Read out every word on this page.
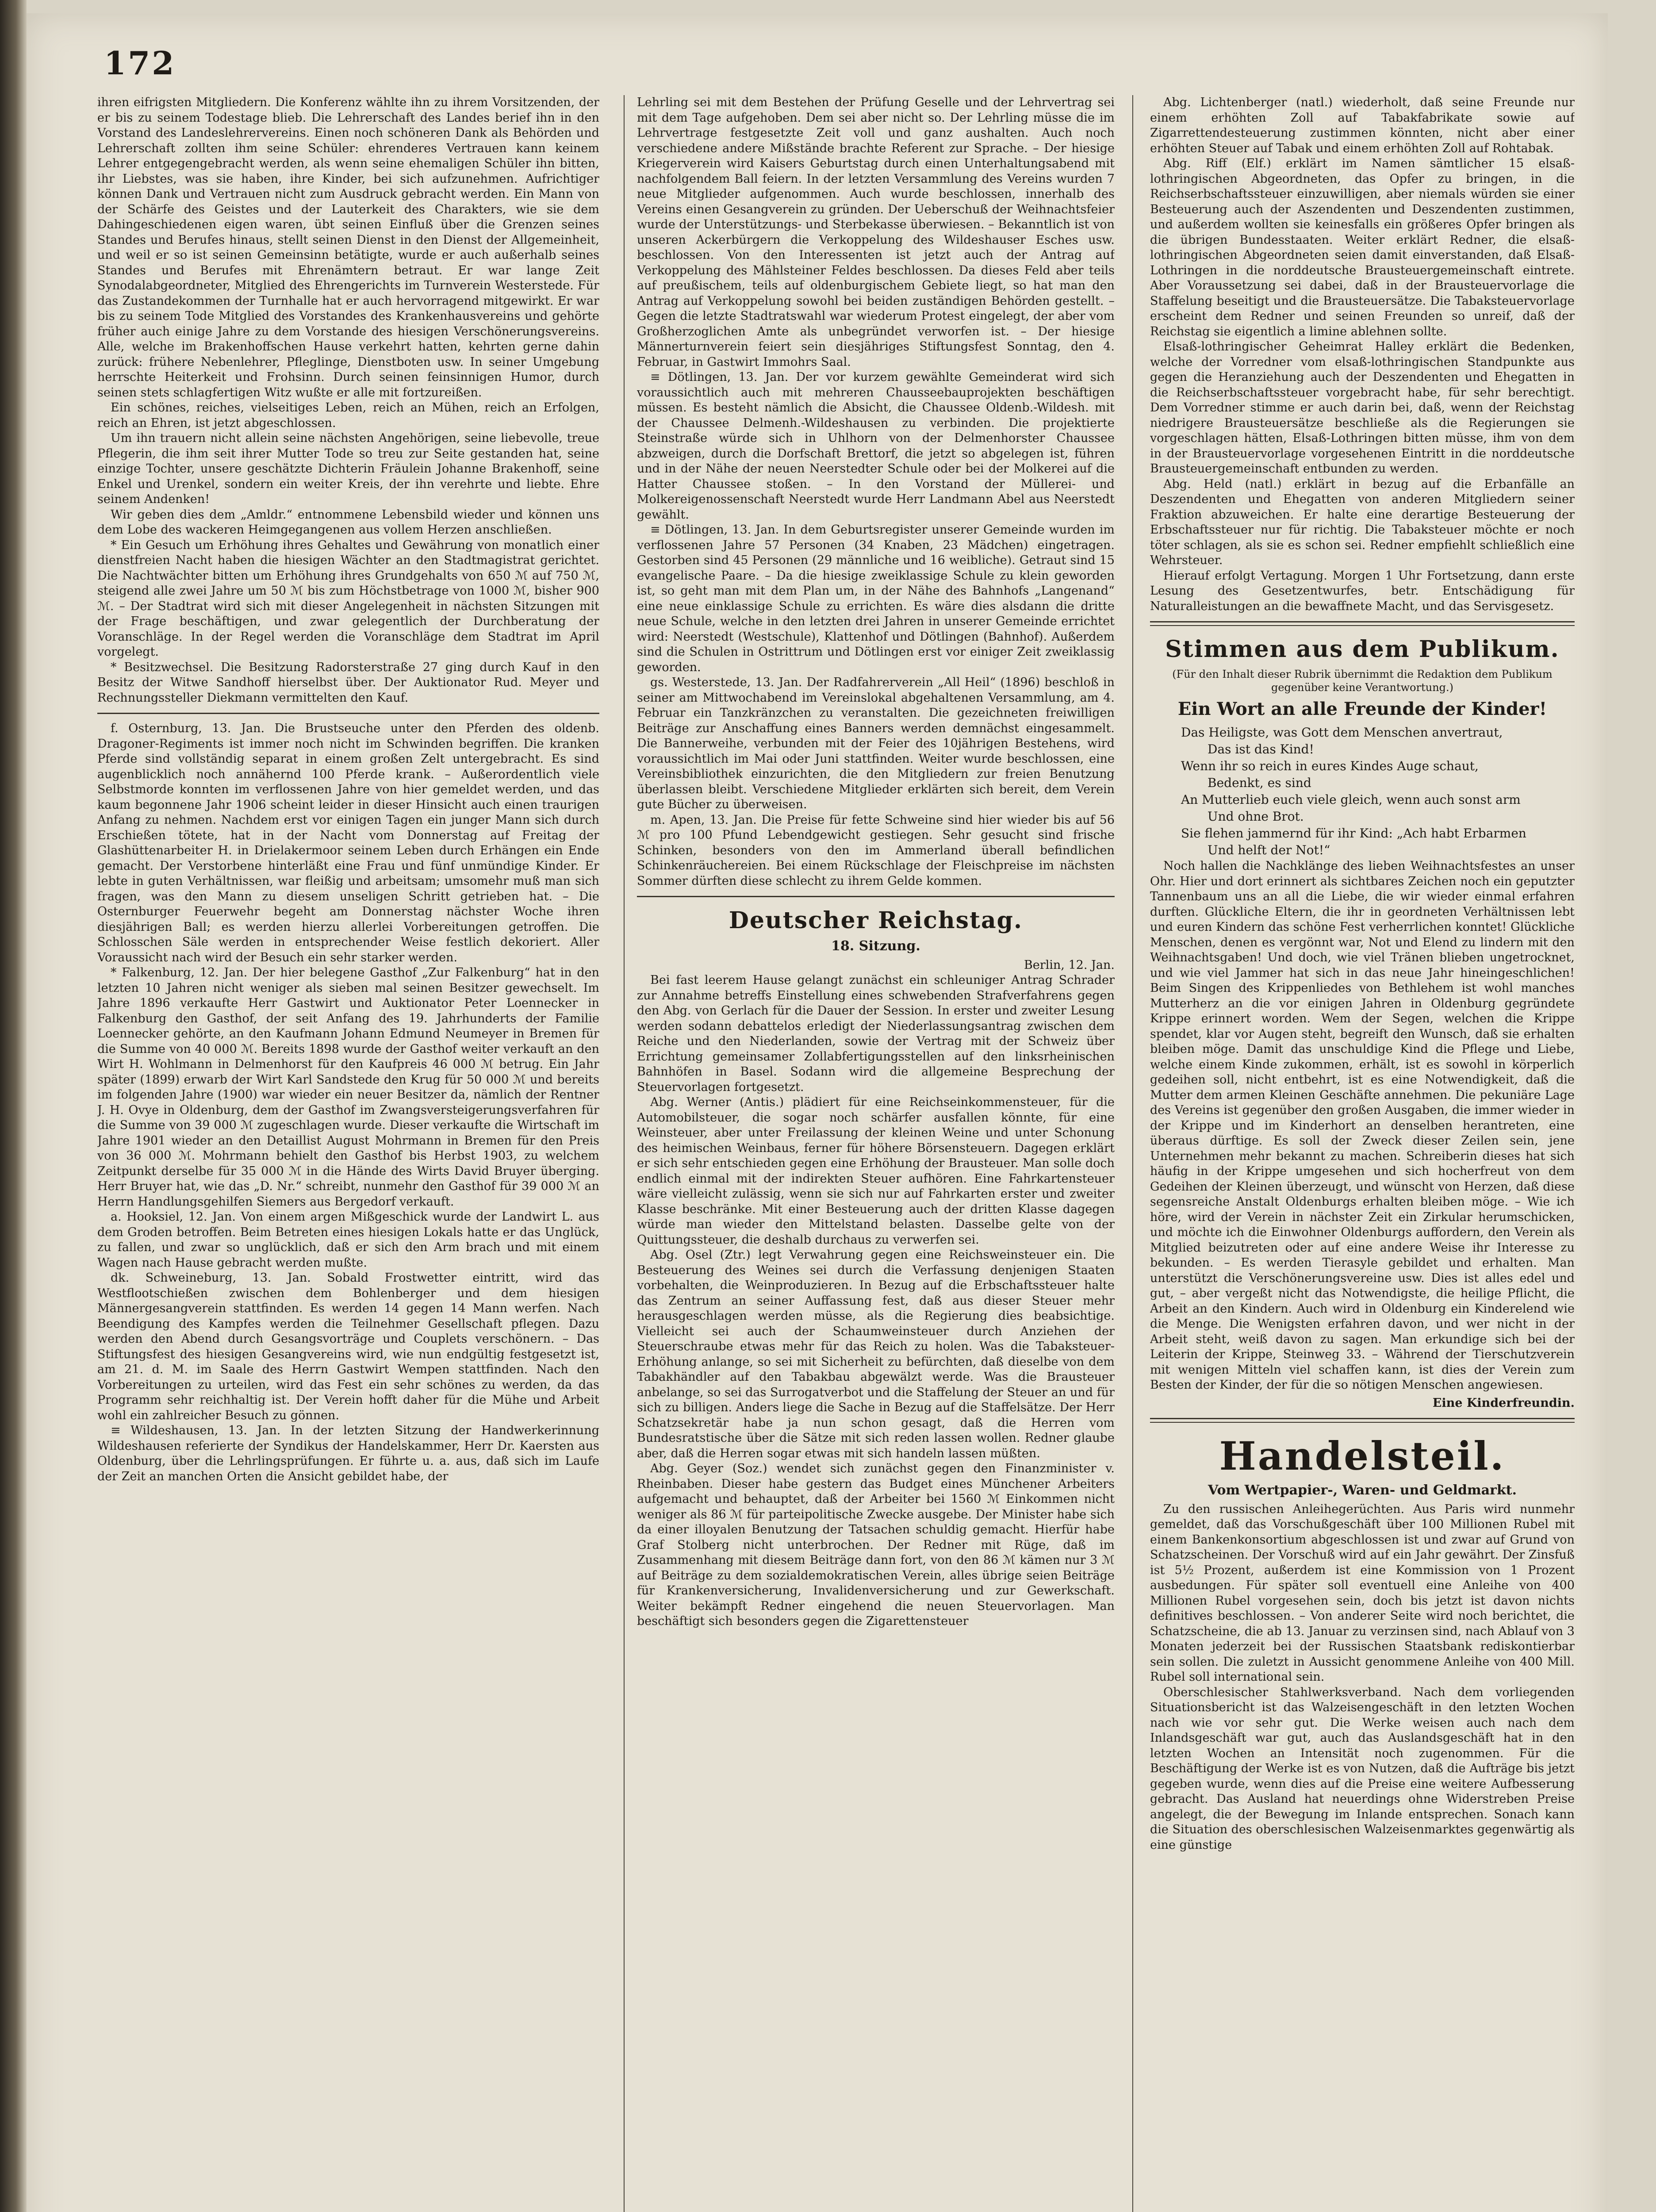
172

ihren eifrigsten Mitgliedern. Die Konferenz wählte ihn zu ihrem Vorsitzenden, der er bis zu seinem Todestage blieb. Die Lehrerschaft des Landes berief ihn in den Vorstand des Landeslehrervereins. Einen noch schöneren Dank als Behörden und Lehrerschaft zollten ihm seine Schüler: ehrenderes Vertrauen kann keinem Lehrer entgegengebracht werden, als wenn seine ehemaligen Schüler ihn bitten, ihr Liebstes, was sie haben, ihre Kinder, bei sich aufzunehmen. Aufrichtiger können Dank und Vertrauen nicht zum Ausdruck gebracht werden. Ein Mann von der Schärfe des Geistes und der Lauterkeit des Charakters, wie sie dem Dahingeschiedenen eigen waren, übt seinen Einfluß über die Grenzen seines Standes und Berufes hinaus, stellt seinen Dienst in den Dienst der Allgemeinheit, und weil er so ist seinen Gemeinsinn betätigte, wurde er auch außerhalb seines Standes und Berufes mit Ehrenämtern betraut. Er war lange Zeit Synodalabgeordneter, Mitglied des Ehrengerichts im Turnverein Westerstede. Für das Zustandekommen der Turnhalle hat er auch hervorragend mitgewirkt. Er war bis zu seinem Tode Mitglied des Vorstandes des Krankenhausvereins und gehörte früher auch einige Jahre zu dem Vorstande des hiesigen Verschönerungsvereins. Alle, welche im Brakenhoffschen Hause verkehrt hatten, kehrten gerne dahin zurück: frühere Nebenlehrer, Pfleglinge, Dienstboten usw. In seiner Umgebung herrschte Heiterkeit und Frohsinn. Durch seinen feinsinnigen Humor, durch seinen stets schlagfertigen Witz wußte er alle mit fortzureißen.

Ein schönes, reiches, vielseitiges Leben, reich an Mühen, reich an Erfolgen, reich an Ehren, ist jetzt abgeschlossen.

Um ihn trauern nicht allein seine nächsten Angehörigen, seine liebevolle, treue Pflegerin, die ihm seit ihrer Mutter Tode so treu zur Seite gestanden hat, seine einzige Tochter, unsere geschätzte Dichterin Fräulein Johanne Brakenhoff, seine Enkel und Urenkel, sondern ein weiter Kreis, der ihn verehrte und liebte. Ehre seinem Andenken!

Wir geben dies dem „Amldr.“ entnommene Lebensbild wieder und können uns dem Lobe des wackeren Heimgegangenen aus vollem Herzen anschließen.

* Ein Gesuch um Erhöhung ihres Gehaltes und Gewährung von monatlich einer dienstfreien Nacht haben die hiesigen Wächter an den Stadtmagistrat gerichtet. Die Nachtwächter bitten um Erhöhung ihres Grundgehalts von 650 ℳ auf 750 ℳ, steigend alle zwei Jahre um 50 ℳ bis zum Höchstbetrage von 1000 ℳ, bisher 900 ℳ. – Der Stadtrat wird sich mit dieser Angelegenheit in nächsten Sitzungen mit der Frage beschäftigen, und zwar gelegentlich der Durchberatung der Voranschläge. In der Regel werden die Voranschläge dem Stadtrat im April vorgelegt.

* Besitzwechsel. Die Besitzung Radorsterstraße 27 ging durch Kauf in den Besitz der Witwe Sandhoff hierselbst über. Der Auktionator Rud. Meyer und Rechnungssteller Diekmann vermittelten den Kauf.

f. Osternburg, 13. Jan. Die Brustseuche unter den Pferden des oldenb. Dragoner-Regiments ist immer noch nicht im Schwinden begriffen. Die kranken Pferde sind vollständig separat in einem großen Zelt untergebracht. Es sind augenblicklich noch annähernd 100 Pferde krank. – Außerordentlich viele Selbstmorde konnten im verflossenen Jahre von hier gemeldet werden, und das kaum begonnene Jahr 1906 scheint leider in dieser Hinsicht auch einen traurigen Anfang zu nehmen. Nachdem erst vor einigen Tagen ein junger Mann sich durch Erschießen tötete, hat in der Nacht vom Donnerstag auf Freitag der Glashüttenarbeiter H. in Drielakermoor seinem Leben durch Erhängen ein Ende gemacht. Der Verstorbene hinterläßt eine Frau und fünf unmündige Kinder. Er lebte in guten Verhältnissen, war fleißig und arbeitsam; umsomehr muß man sich fragen, was den Mann zu diesem unseligen Schritt getrieben hat. – Die Osternburger Feuerwehr begeht am Donnerstag nächster Woche ihren diesjährigen Ball; es werden hierzu allerlei Vorbereitungen getroffen. Die Schlosschen Säle werden in entsprechender Weise festlich dekoriert. Aller Voraussicht nach wird der Besuch ein sehr starker werden.

* Falkenburg, 12. Jan. Der hier belegene Gasthof „Zur Falkenburg“ hat in den letzten 10 Jahren nicht weniger als sieben mal seinen Besitzer gewechselt. Im Jahre 1896 verkaufte Herr Gastwirt und Auktionator Peter Loennecker in Falkenburg den Gasthof, der seit Anfang des 19. Jahrhunderts der Familie Loennecker gehörte, an den Kaufmann Johann Edmund Neumeyer in Bremen für die Summe von 40 000 ℳ. Bereits 1898 wurde der Gasthof weiter verkauft an den Wirt H. Wohlmann in Delmenhorst für den Kaufpreis 46 000 ℳ betrug. Ein Jahr später (1899) erwarb der Wirt Karl Sandstede den Krug für 50 000 ℳ und bereits im folgenden Jahre (1900) war wieder ein neuer Besitzer da, nämlich der Rentner J. H. Ovye in Oldenburg, dem der Gasthof im Zwangsversteigerungsverfahren für die Summe von 39 000 ℳ zugeschlagen wurde. Dieser verkaufte die Wirtschaft im Jahre 1901 wieder an den Detaillist August Mohrmann in Bremen für den Preis von 36 000 ℳ. Mohrmann behielt den Gasthof bis Herbst 1903, zu welchem Zeitpunkt derselbe für 35 000 ℳ in die Hände des Wirts David Bruyer überging. Herr Bruyer hat, wie das „D. Nr.“ schreibt, nunmehr den Gasthof für 39 000 ℳ an Herrn Handlungsgehilfen Siemers aus Bergedorf verkauft.

a. Hooksiel, 12. Jan. Von einem argen Mißgeschick wurde der Landwirt L. aus dem Groden betroffen. Beim Betreten eines hiesigen Lokals hatte er das Unglück, zu fallen, und zwar so unglücklich, daß er sich den Arm brach und mit einem Wagen nach Hause gebracht werden mußte.

dk. Schweineburg, 13. Jan. Sobald Frostwetter eintritt, wird das Westflootschießen zwischen dem Bohlenberger und dem hiesigen Männergesangverein stattfinden. Es werden 14 gegen 14 Mann werfen. Nach Beendigung des Kampfes werden die Teilnehmer Gesellschaft pflegen. Dazu werden den Abend durch Gesangsvorträge und Couplets verschönern. – Das Stiftungsfest des hiesigen Gesangvereins wird, wie nun endgültig festgesetzt ist, am 21. d. M. im Saale des Herrn Gastwirt Wempen stattfinden. Nach den Vorbereitungen zu urteilen, wird das Fest ein sehr schönes zu werden, da das Programm sehr reichhaltig ist. Der Verein hofft daher für die Mühe und Arbeit wohl ein zahlreicher Besuch zu gönnen.

≡ Wildeshausen, 13. Jan. In der letzten Sitzung der Handwerkerinnung Wildeshausen referierte der Syndikus der Handelskammer, Herr Dr. Kaersten aus Oldenburg, über die Lehrlingsprüfungen. Er führte u. a. aus, daß sich im Laufe der Zeit an manchen Orten die Ansicht gebildet habe, der

Lehrling sei mit dem Bestehen der Prüfung Geselle und der Lehrvertrag sei mit dem Tage aufgehoben. Dem sei aber nicht so. Der Lehrling müsse die im Lehrvertrage festgesetzte Zeit voll und ganz aushalten. Auch noch verschiedene andere Mißstände brachte Referent zur Sprache. – Der hiesige Kriegerverein wird Kaisers Geburtstag durch einen Unterhaltungsabend mit nachfolgendem Ball feiern. In der letzten Versammlung des Vereins wurden 7 neue Mitglieder aufgenommen. Auch wurde beschlossen, innerhalb des Vereins einen Gesangverein zu gründen. Der Ueberschuß der Weihnachtsfeier wurde der Unterstützungs- und Sterbekasse überwiesen. – Bekanntlich ist von unseren Ackerbürgern die Verkoppelung des Wildeshauser Esches usw. beschlossen. Von den Interessenten ist jetzt auch der Antrag auf Verkoppelung des Mählsteiner Feldes beschlossen. Da dieses Feld aber teils auf preußischem, teils auf oldenburgischem Gebiete liegt, so hat man den Antrag auf Verkoppelung sowohl bei beiden zuständigen Behörden gestellt. – Gegen die letzte Stadtratswahl war wiederum Protest eingelegt, der aber vom Großherzoglichen Amte als unbegründet verworfen ist. – Der hiesige Männerturnverein feiert sein diesjähriges Stiftungsfest Sonntag, den 4. Februar, in Gastwirt Immohrs Saal.

≡ Dötlingen, 13. Jan. Der vor kurzem gewählte Gemeinderat wird sich voraussichtlich auch mit mehreren Chausseebauprojekten beschäftigen müssen. Es besteht nämlich die Absicht, die Chaussee Oldenb.-Wildesh. mit der Chaussee Delmenh.-Wildeshausen zu verbinden. Die projektierte Steinstraße würde sich in Uhlhorn von der Delmenhorster Chaussee abzweigen, durch die Dorfschaft Brettorf, die jetzt so abgelegen ist, führen und in der Nähe der neuen Neerstedter Schule oder bei der Molkerei auf die Hatter Chaussee stoßen. – In den Vorstand der Müllerei- und Molkereigenossenschaft Neerstedt wurde Herr Landmann Abel aus Neerstedt gewählt.

≡ Dötlingen, 13. Jan. In dem Geburtsregister unserer Gemeinde wurden im verflossenen Jahre 57 Personen (34 Knaben, 23 Mädchen) eingetragen. Gestorben sind 45 Personen (29 männliche und 16 weibliche). Getraut sind 15 evangelische Paare. – Da die hiesige zweiklassige Schule zu klein geworden ist, so geht man mit dem Plan um, in der Nähe des Bahnhofs „Langenand“ eine neue einklassige Schule zu errichten. Es wäre dies alsdann die dritte neue Schule, welche in den letzten drei Jahren in unserer Gemeinde errichtet wird: Neerstedt (Westschule), Klattenhof und Dötlingen (Bahnhof). Außerdem sind die Schulen in Ostrittrum und Dötlingen erst vor einiger Zeit zweiklassig geworden.

gs. Westerstede, 13. Jan. Der Radfahrerverein „All Heil“ (1896) beschloß in seiner am Mittwochabend im Vereinslokal abgehaltenen Versammlung, am 4. Februar ein Tanzkränzchen zu veranstalten. Die gezeichneten freiwilligen Beiträge zur Anschaffung eines Banners werden demnächst eingesammelt. Die Bannerweihe, verbunden mit der Feier des 10jährigen Bestehens, wird voraussichtlich im Mai oder Juni stattfinden. Weiter wurde beschlossen, eine Vereinsbibliothek einzurichten, die den Mitgliedern zur freien Benutzung überlassen bleibt. Verschiedene Mitglieder erklärten sich bereit, dem Verein gute Bücher zu überweisen.

m. Apen, 13. Jan. Die Preise für fette Schweine sind hier wieder bis auf 56 ℳ pro 100 Pfund Lebendgewicht gestiegen. Sehr gesucht sind frische Schinken, besonders von den im Ammerland überall befindlichen Schinkenräuchereien. Bei einem Rückschlage der Fleischpreise im nächsten Sommer dürften diese schlecht zu ihrem Gelde kommen.

Deutscher Reichstag.
18. Sitzung.

Berlin, 12. Jan.

Bei fast leerem Hause gelangt zunächst ein schleuniger Antrag Schrader zur Annahme betreffs Einstellung eines schwebenden Strafverfahrens gegen den Abg. von Gerlach für die Dauer der Session. In erster und zweiter Lesung werden sodann debattelos erledigt der Niederlassungsantrag zwischen dem Reiche und den Niederlanden, sowie der Vertrag mit der Schweiz über Errichtung gemeinsamer Zollabfertigungsstellen auf den linksrheinischen Bahnhöfen in Basel. Sodann wird die allgemeine Besprechung der Steuervorlagen fortgesetzt.

Abg. Werner (Antis.) plädiert für eine Reichseinkommensteuer, für die Automobilsteuer, die sogar noch schärfer ausfallen könnte, für eine Weinsteuer, aber unter Freilassung der kleinen Weine und unter Schonung des heimischen Weinbaus, ferner für höhere Börsensteuern. Dagegen erklärt er sich sehr entschieden gegen eine Erhöhung der Brausteuer. Man solle doch endlich einmal mit der indirekten Steuer aufhören. Eine Fahrkartensteuer wäre vielleicht zulässig, wenn sie sich nur auf Fahrkarten erster und zweiter Klasse beschränke. Mit einer Besteuerung auch der dritten Klasse dagegen würde man wieder den Mittelstand belasten. Dasselbe gelte von der Quittungssteuer, die deshalb durchaus zu verwerfen sei.

Abg. Osel (Ztr.) legt Verwahrung gegen eine Reichsweinsteuer ein. Die Besteuerung des Weines sei durch die Verfassung denjenigen Staaten vorbehalten, die Weinproduzieren. In Bezug auf die Erbschaftssteuer halte das Zentrum an seiner Auffassung fest, daß aus dieser Steuer mehr herausgeschlagen werden müsse, als die Regierung dies beabsichtige. Vielleicht sei auch der Schaumweinsteuer durch Anziehen der Steuerschraube etwas mehr für das Reich zu holen. Was die Tabaksteuer-Erhöhung anlange, so sei mit Sicherheit zu befürchten, daß dieselbe von dem Tabakhändler auf den Tabakbau abgewälzt werde. Was die Brausteuer anbelange, so sei das Surrogatverbot und die Staffelung der Steuer an und für sich zu billigen. Anders liege die Sache in Bezug auf die Staffelsätze. Der Herr Schatzsekretär habe ja nun schon gesagt, daß die Herren vom Bundesratstische über die Sätze mit sich reden lassen wollen. Redner glaube aber, daß die Herren sogar etwas mit sich handeln lassen müßten.

Abg. Geyer (Soz.) wendet sich zunächst gegen den Finanzminister v. Rheinbaben. Dieser habe gestern das Budget eines Münchener Arbeiters aufgemacht und behauptet, daß der Arbeiter bei 1560 ℳ Einkommen nicht weniger als 86 ℳ für parteipolitische Zwecke ausgebe. Der Minister habe sich da einer illoyalen Benutzung der Tatsachen schuldig gemacht. Hierfür habe Graf Stolberg nicht unterbrochen. Der Redner mit Rüge, daß im Zusammenhang mit diesem Beiträge dann fort, von den 86 ℳ kämen nur 3 ℳ auf Beiträge zu dem sozialdemokratischen Verein, alles übrige seien Beiträge für Krankenversicherung, Invalidenversicherung und zur Gewerkschaft. Weiter bekämpft Redner eingehend die neuen Steuervorlagen. Man beschäftigt sich besonders gegen die Zigarettensteuer

Abg. Lichtenberger (natl.) wiederholt, daß seine Freunde nur einem erhöhten Zoll auf Tabakfabrikate sowie auf Zigarrettendesteuerung zustimmen könnten, nicht aber einer erhöhten Steuer auf Tabak und einem erhöhten Zoll auf Rohtabak.

Abg. Riff (Elf.) erklärt im Namen sämtlicher 15 elsaß-lothringischen Abgeordneten, das Opfer zu bringen, in die Reichserbschaftssteuer einzuwilligen, aber niemals würden sie einer Besteuerung auch der Aszendenten und Deszendenten zustimmen, und außerdem wollten sie keinesfalls ein größeres Opfer bringen als die übrigen Bundesstaaten. Weiter erklärt Redner, die elsaß-lothringischen Abgeordneten seien damit einverstanden, daß Elsaß-Lothringen in die norddeutsche Brausteuergemeinschaft eintrete. Aber Voraussetzung sei dabei, daß in der Brausteuervorlage die Staffelung beseitigt und die Brausteuersätze. Die Tabaksteuervorlage erscheint dem Redner und seinen Freunden so unreif, daß der Reichstag sie eigentlich a limine ablehnen sollte.

Elsaß-lothringischer Geheimrat Halley erklärt die Bedenken, welche der Vorredner vom elsaß-lothringischen Standpunkte aus gegen die Heranziehung auch der Deszendenten und Ehegatten in die Reichserbschaftssteuer vorgebracht habe, für sehr berechtigt. Dem Vorredner stimme er auch darin bei, daß, wenn der Reichstag niedrigere Brausteuersätze beschließe als die Regierungen sie vorgeschlagen hätten, Elsaß-Lothringen bitten müsse, ihm von dem in der Brausteuervorlage vorgesehenen Eintritt in die norddeutsche Brausteuergemeinschaft entbunden zu werden.

Abg. Held (natl.) erklärt in bezug auf die Erbanfälle an Deszendenten und Ehegatten von anderen Mitgliedern seiner Fraktion abzuweichen. Er halte eine derartige Besteuerung der Erbschaftssteuer nur für richtig. Die Tabaksteuer möchte er noch töter schlagen, als sie es schon sei. Redner empfiehlt schließlich eine Wehrsteuer.

Hierauf erfolgt Vertagung. Morgen 1 Uhr Fortsetzung, dann erste Lesung des Gesetzentwurfes, betr. Entschädigung für Naturalleistungen an die bewaffnete Macht, und das Servisgesetz.

Stimmen aus dem Publikum.

(Für den Inhalt dieser Rubrik übernimmt die Redaktion dem Publikum gegenüber keine Verantwortung.)

Ein Wort an alle Freunde der Kinder!

Das Heiligste, was Gott dem Menschen anvertraut,

Das ist das Kind!

Wenn ihr so reich in eures Kindes Auge schaut,

Bedenkt, es sind

An Mutterlieb euch viele gleich, wenn auch sonst arm

Und ohne Brot.

Sie flehen jammernd für ihr Kind: „Ach habt Erbarmen

Und helft der Not!“

Noch hallen die Nachklänge des lieben Weihnachtsfestes an unser Ohr. Hier und dort erinnert als sichtbares Zeichen noch ein geputzter Tannenbaum uns an all die Liebe, die wir wieder einmal erfahren durften. Glückliche Eltern, die ihr in geordneten Verhältnissen lebt und euren Kindern das schöne Fest verherrlichen konntet! Glückliche Menschen, denen es vergönnt war, Not und Elend zu lindern mit den Weihnachtsgaben! Und doch, wie viel Tränen blieben ungetrocknet, und wie viel Jammer hat sich in das neue Jahr hineingeschlichen! Beim Singen des Krippenliedes von Bethlehem ist wohl manches Mutterherz an die vor einigen Jahren in Oldenburg gegründete Krippe erinnert worden. Wem der Segen, welchen die Krippe spendet, klar vor Augen steht, begreift den Wunsch, daß sie erhalten bleiben möge. Damit das unschuldige Kind die Pflege und Liebe, welche einem Kinde zukommen, erhält, ist es sowohl in körperlich gedeihen soll, nicht entbehrt, ist es eine Notwendigkeit, daß die Mutter dem armen Kleinen Geschäfte annehmen. Die pekuniäre Lage des Vereins ist gegenüber den großen Ausgaben, die immer wieder in der Krippe und im Kinderhort an denselben herantreten, eine überaus dürftige. Es soll der Zweck dieser Zeilen sein, jene Unternehmen mehr bekannt zu machen. Schreiberin dieses hat sich häufig in der Krippe umgesehen und sich hocherfreut von dem Gedeihen der Kleinen überzeugt, und wünscht von Herzen, daß diese segensreiche Anstalt Oldenburgs erhalten bleiben möge. – Wie ich höre, wird der Verein in nächster Zeit ein Zirkular herumschicken, und möchte ich die Einwohner Oldenburgs auffordern, den Verein als Mitglied beizutreten oder auf eine andere Weise ihr Interesse zu bekunden. – Es werden Tierasyle gebildet und erhalten. Man unterstützt die Verschönerungsvereine usw. Dies ist alles edel und gut, – aber vergeßt nicht das Notwendigste, die heilige Pflicht, die Arbeit an den Kindern. Auch wird in Oldenburg ein Kinderelend wie die Menge. Die Wenigsten erfahren davon, und wer nicht in der Arbeit steht, weiß davon zu sagen. Man erkundige sich bei der Leiterin der Krippe, Steinweg 33. – Während der Tierschutzverein mit wenigen Mitteln viel schaffen kann, ist dies der Verein zum Besten der Kinder, der für die so nötigen Menschen angewiesen.

Eine Kinderfreundin.
Handelsteil.
Vom Wertpapier-, Waren- und Geldmarkt.

Zu den russischen Anleihegerüchten. Aus Paris wird nunmehr gemeldet, daß das Vorschußgeschäft über 100 Millionen Rubel mit einem Bankenkonsortium abgeschlossen ist und zwar auf Grund von Schatzscheinen. Der Vorschuß wird auf ein Jahr gewährt. Der Zinsfuß ist 5½ Prozent, außerdem ist eine Kommission von 1 Prozent ausbedungen. Für später soll eventuell eine Anleihe von 400 Millionen Rubel vorgesehen sein, doch bis jetzt ist davon nichts definitives beschlossen. – Von anderer Seite wird noch berichtet, die Schatzscheine, die ab 13. Januar zu verzinsen sind, nach Ablauf von 3 Monaten jederzeit bei der Russischen Staatsbank rediskontierbar sein sollen. Die zuletzt in Aussicht genommene Anleihe von 400 Mill. Rubel soll international sein.

Oberschlesischer Stahlwerksverband. Nach dem vorliegenden Situationsbericht ist das Walzeisengeschäft in den letzten Wochen nach wie vor sehr gut. Die Werke weisen auch nach dem Inlandsgeschäft war gut, auch das Auslandsgeschäft hat in den letzten Wochen an Intensität noch zugenommen. Für die Beschäftigung der Werke ist es von Nutzen, daß die Aufträge bis jetzt gegeben wurde, wenn dies auf die Preise eine weitere Aufbesserung gebracht. Das Ausland hat neuerdings ohne Widerstreben Preise angelegt, die der Bewegung im Inlande entsprechen. Sonach kann die Situation des oberschlesischen Walzeisenmarktes gegenwärtig als eine günstige
